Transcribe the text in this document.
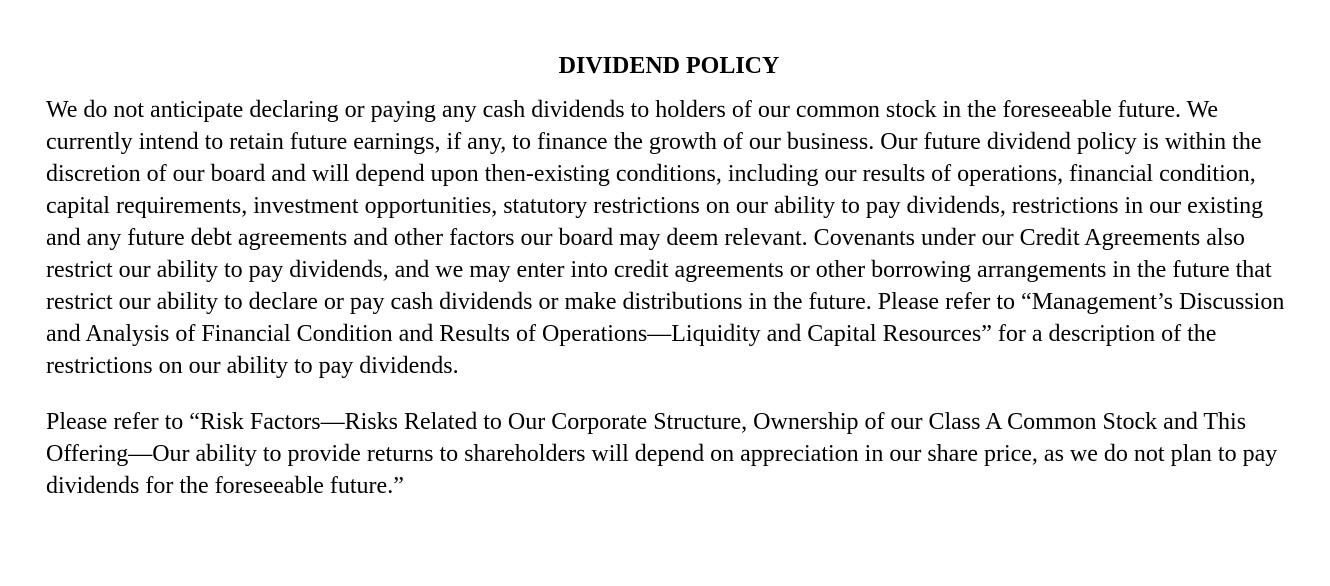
DIVIDEND POLICY

We do not anticipate declaring or paying any cash dividends to holders of our common stock in the foreseeable future. We currently intend to retain future earnings, if any, to finance the growth of our business. Our future dividend policy is within the discretion of our board and will depend upon then-existing conditions, including our results of operations, financial condition, capital requirements, investment opportunities, statutory restrictions on our ability to pay dividends, restrictions in our existing and any future debt agreements and other factors our board may deem relevant. Covenants under our Credit Agreements also restrict our ability to pay dividends, and we may enter into credit agreements or other borrowing arrangements in the future that restrict our ability to declare or pay cash dividends or make distributions in the future. Please refer to “Management’s Discussion and Analysis of Financial Condition and Results of Operations—Liquidity and Capital Resources” for a description of the restrictions on our ability to pay dividends.

Please refer to “Risk Factors—Risks Related to Our Corporate Structure, Ownership of our Class A Common Stock and This Offering—Our ability to provide returns to shareholders will depend on appreciation in our share price, as we do not plan to pay dividends for the foreseeable future.”
